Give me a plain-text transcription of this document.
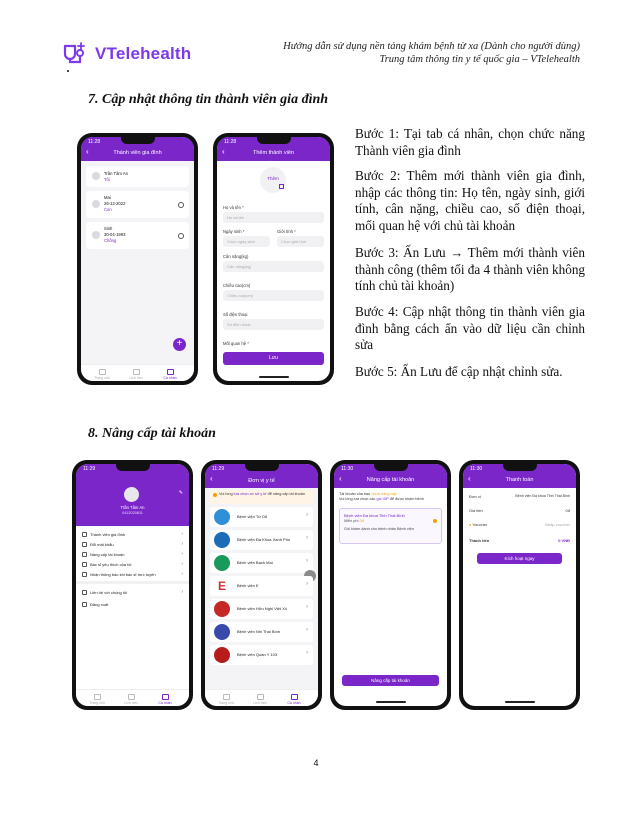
VTelehealth	Hướng dẫn sử dụng nền tảng khám bệnh từ xa (Dành cho người dùng)
Trung tâm thông tin y tế quốc gia – VTelehealth
7. Cập nhật thông tin thành viên gia đình
11:28
‹	Thành viên gia đình
Trần Tâm An
Tôi
Mai
26-12-2022
Con
Sinh
30-04-1993
Chồng
+
Trang chủ	Lịch hẹn	Cá nhân
11:28
‹	Thêm thành viên
Thêm
Họ và tên *
Họ và tên
Ngày sinh *	Giới tính *
Chọn ngày sinh	Chọn giới tính
Cân nặng(kg)
Cân nặng(kg)
Chiều cao(cm)
Chiều cao(cm)
Số điện thoại
Số điện thoại
Mối quan hệ *
Lưu
Bước 1: Tại tab cá nhân, chọn chức năng Thành viên gia đình
Bước 2: Thêm mới thành viên gia đình, nhập các thông tin: Họ tên, ngày sinh, giới tính, cân nặng, chiều cao, số điện thoại, mối quan hệ với chủ tài khoản
Bước 3: Ấn Lưu → Thêm mới thành viên thành công (thêm tối đa 4 thành viên không tính chủ tài khoản)
Bước 4: Cập nhật thông tin thành viên gia đình bằng cách ấn vào dữ liệu cần chỉnh sửa
Bước 5: Ấn Lưu để cập nhật chỉnh sửa.
8. Nâng cấp tài khoản
11:29
Trần Tâm An
0412020811
✎
Thành viên gia đình	›
Đổi mật khẩu	›
Nâng cấp tài khoản	›
Bác sĩ yêu thích của tôi	›
Nhận thông báo khi bác sĩ trực tuyến	›
Liên hệ với chúng tôi	›
Đăng xuất
Trang chủ	Lịch hẹn	Cá nhân
11:29
‹	Đơn vị y tế
Vui lòng lựa chọn cơ sở y tế để nâng cấp tài khoản
Bệnh viện Từ Dũ	›
Bệnh viện Đa Khoa Xanh Pôn	›
Bệnh viện Bạch Mai	›
E	Bệnh viện E	›
Bệnh viện Hữu Nghị Việt Xô	›
Bệnh viện Nhi Thái Bình	›
Bệnh viện Quân Y 103	›
Trang chủ	Lịch hẹn	Cá nhân
11:30
‹	Nâng cấp tài khoản
Tài khoản của bạn chưa nâng cấp
Vui lòng lựa chọn các gói VIP để được khám bệnh
Bệnh viện Đa khoa Tỉnh Thái Bình
Miễn phí 0đ
Gói khám dành cho bệnh nhân Bệnh viện
Nâng cấp tài khoản
11:30
‹	Thanh toán
Đơn vị	Bệnh viện Đa khoa Tỉnh Thái Bình
Giá tiền	0đ
● Voucher	Nhập voucher
Thành tiền	0 VNĐ
Kích hoạt ngay
4
